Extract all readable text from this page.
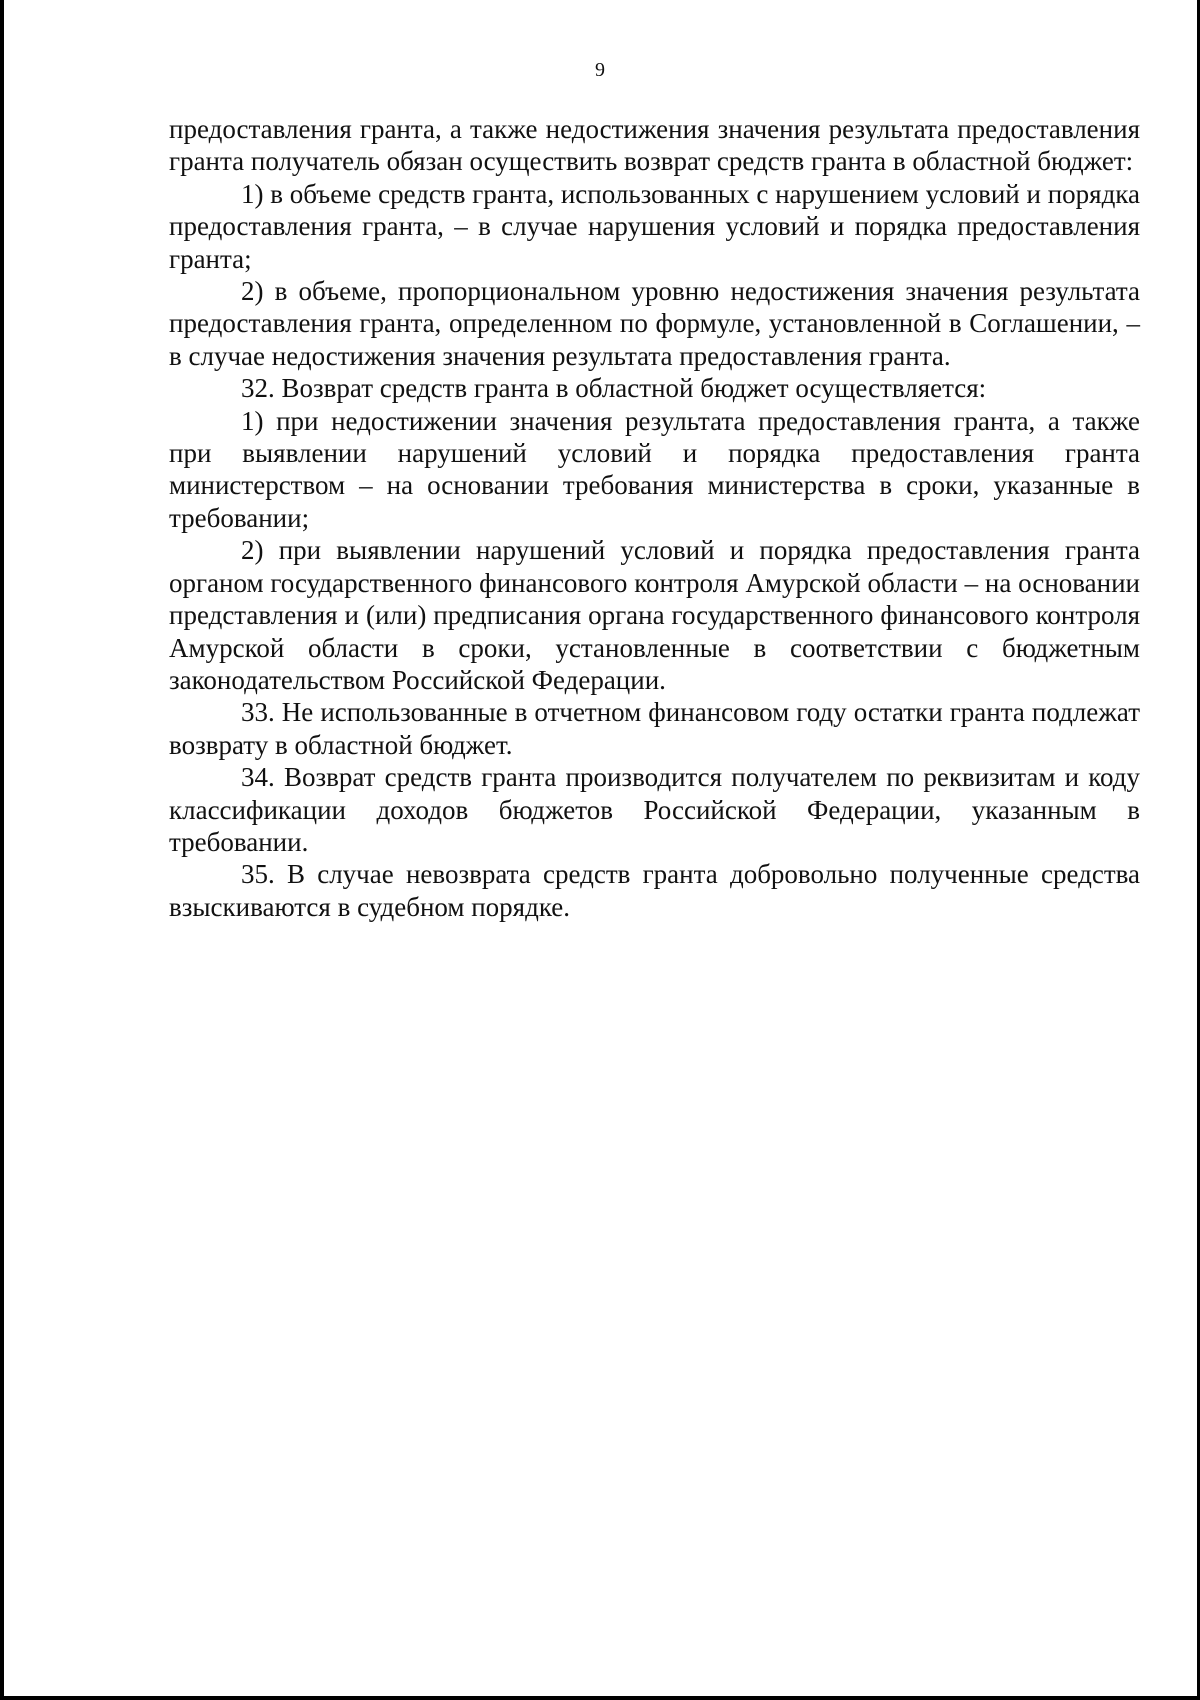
9

предоставления гранта, а также недостижения значения результата предоставления гранта получатель обязан осуществить возврат средств гранта в областной бюджет:

1) в объеме средств гранта, использованных с нарушением условий и порядка предоставления гранта, – в случае нарушения условий и порядка предоставления гранта;

2) в объеме, пропорциональном уровню недостижения значения результата предоставления гранта, определенном по формуле, установленной в Соглашении, – в случае недостижения значения результата предоставления гранта.

32. Возврат средств гранта в областной бюджет осуществляется:

1) при недостижении значения результата предоставления гранта, а также при выявлении нарушений условий и порядка предоставления гранта министерством – на основании требования министерства в сроки, указанные в требовании;

2) при выявлении нарушений условий и порядка предоставления гранта органом государственного финансового контроля Амурской области – на основании представления и (или) предписания органа государственного финансового контроля Амурской области в сроки, установленные в соответствии с бюджетным законодательством Российской Федерации.

33. Не использованные в отчетном финансовом году остатки гранта подлежат возврату в областной бюджет.

34. Возврат средств гранта производится получателем по реквизитам и коду классификации доходов бюджетов Российской Федерации, указанным в требовании.

35. В случае невозврата средств гранта добровольно полученные средства взыскиваются в судебном порядке.
